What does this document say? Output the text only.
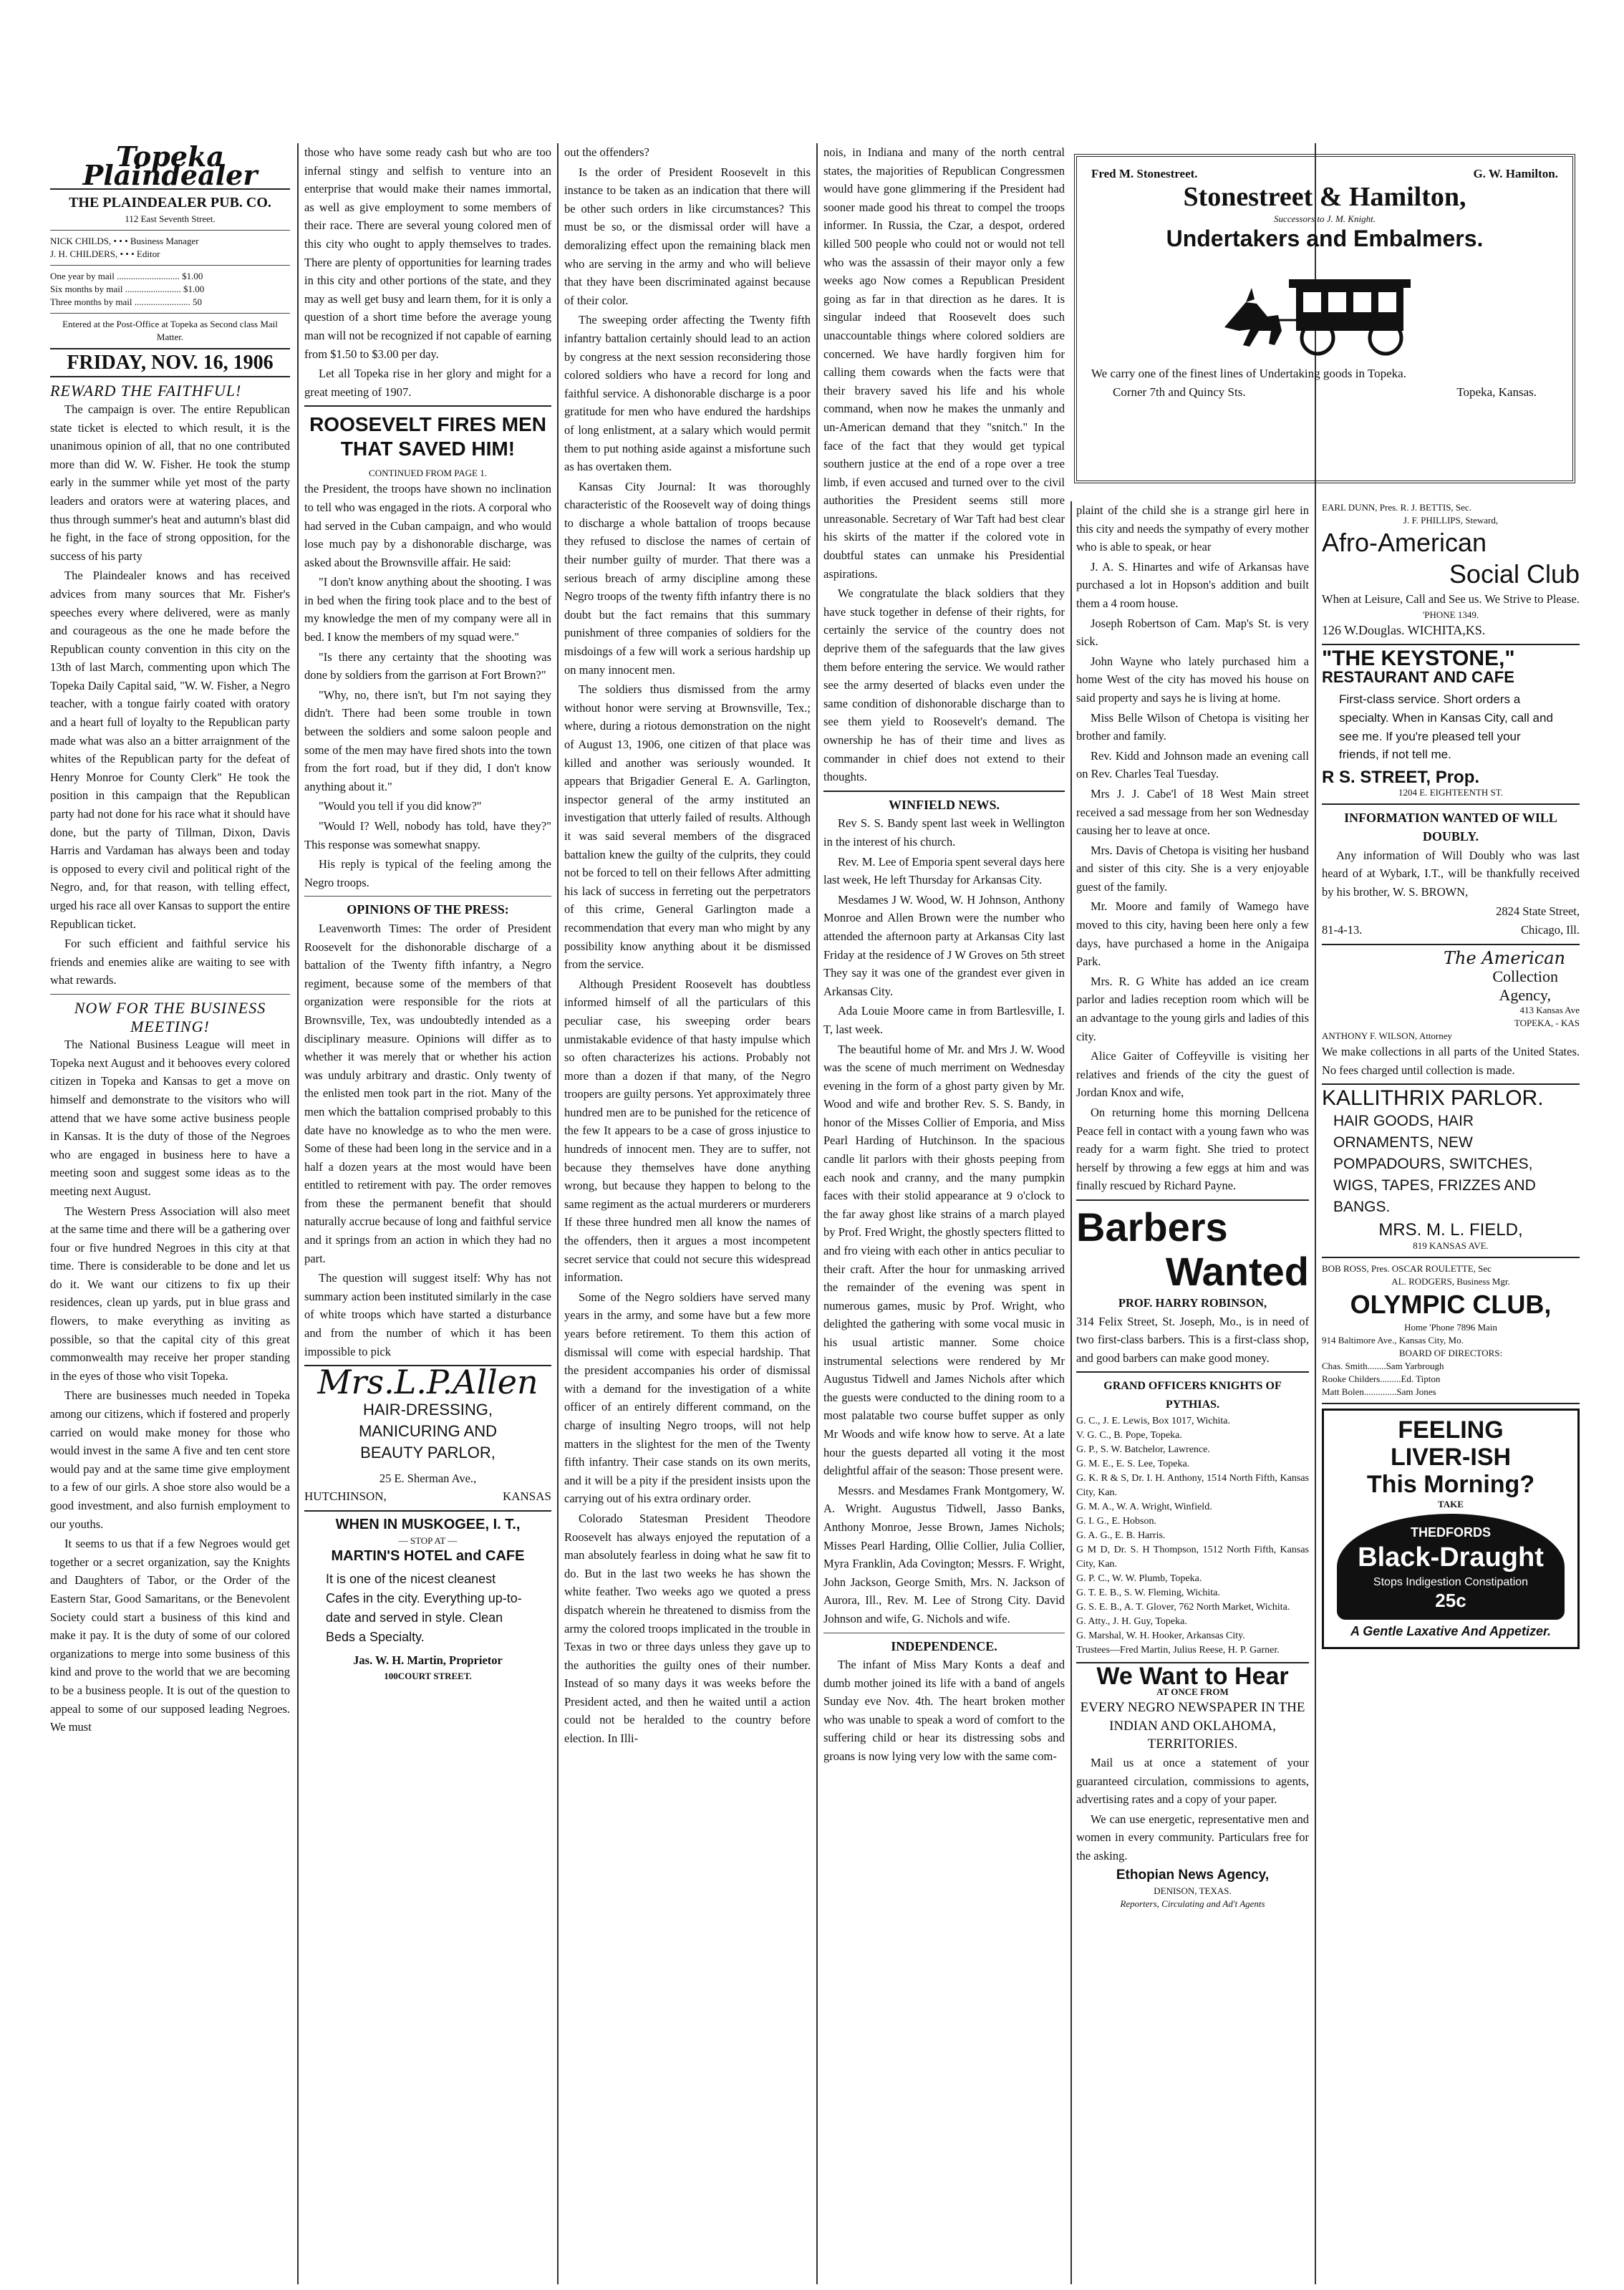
Topeka Plaindealer
THE PLAINDEALER PUB. CO.
112 East Seventh Street.
NICK CHILDS, • • • Business Manager
J. H. CHILDERS, • • • Editor
One year by mail ........................... $1.00
Six months by mail ........................ $1.00
Three months by mail ........................ 50
Entered at the Post-Office at Topeka as Second class Mail Matter.
FRIDAY, NOV. 16, 1906
REWARD THE FAITHFUL!

The campaign is over. The entire Republican state ticket is elected to which result, it is the unanimous opinion of all, that no one contributed more than did W. W. Fisher. He took the stump early in the summer while yet most of the party leaders and orators were at watering places, and thus through summer's heat and autumn's blast did he fight, in the face of strong opposition, for the success of his party

The Plaindealer knows and has received advices from many sources that Mr. Fisher's speeches every where delivered, were as manly and courageous as the one he made before the Republican county convention in this city on the 13th of last March, commenting upon which The Topeka Daily Capital said, "W. W. Fisher, a Negro teacher, with a tongue fairly coated with oratory and a heart full of loyalty to the Republican party made what was also an a bitter arraignment of the whites of the Republican party for the defeat of Henry Monroe for County Clerk" He took the position in this campaign that the Republican party had not done for his race what it should have done, but the party of Tillman, Dixon, Davis Harris and Vardaman has always been and today is opposed to every civil and political right of the Negro, and, for that reason, with telling effect, urged his race all over Kansas to support the entire Republican ticket.

For such efficient and faithful service his friends and enemies alike are waiting to see with what rewards.

NOW FOR THE BUSINESS MEETING!

The National Business League will meet in Topeka next August and it behooves every colored citizen in Topeka and Kansas to get a move on himself and demonstrate to the visitors who will attend that we have some active business people in Kansas. It is the duty of those of the Negroes who are engaged in business here to have a meeting soon and suggest some ideas as to the meeting next August.

The Western Press Association will also meet at the same time and there will be a gathering over four or five hundred Negroes in this city at that time. There is considerable to be done and let us do it. We want our citizens to fix up their residences, clean up yards, put in blue grass and flowers, to make everything as inviting as possible, so that the capital city of this great commonwealth may receive her proper standing in the eyes of those who visit Topeka.

There are businesses much needed in Topeka among our citizens, which if fostered and properly carried on would make money for those who would invest in the same A five and ten cent store would pay and at the same time give employment to a few of our girls. A shoe store also would be a good investment, and also furnish employment to our youths.

It seems to us that if a few Negroes would get together or a secret organization, say the Knights and Daughters of Tabor, or the Order of the Eastern Star, Good Samaritans, or the Benevolent Society could start a business of this kind and make it pay. It is the duty of some of our colored organizations to merge into some business of this kind and prove to the world that we are becoming to be a business people. It is out of the question to appeal to some of our supposed leading Negroes. We must

those who have some ready cash but who are too infernal stingy and selfish to venture into an enterprise that would make their names immortal, as well as give employment to some members of their race. There are several young colored men of this city who ought to apply themselves to trades. There are plenty of opportunities for learning trades in this city and other portions of the state, and they may as well get busy and learn them, for it is only a question of a short time before the average young man will not be recognized if not capable of earning from $1.50 to $3.00 per day.

Let all Topeka rise in her glory and might for a great meeting of 1907.

ROOSEVELT FIRES MEN THAT SAVED HIM!
CONTINUED FROM PAGE 1.

the President, the troops have shown no inclination to tell who was engaged in the riots. A corporal who had served in the Cuban campaign, and who would lose much pay by a dishonorable discharge, was asked about the Brownsville affair. He said:

"I don't know anything about the shooting. I was in bed when the firing took place and to the best of my knowledge the men of my company were all in bed. I know the members of my squad were."

"Is there any certainty that the shooting was done by soldiers from the garrison at Fort Brown?"

"Why, no, there isn't, but I'm not saying they didn't. There had been some trouble in town between the soldiers and some saloon people and some of the men may have fired shots into the town from the fort road, but if they did, I don't know anything about it."

"Would you tell if you did know?"

"Would I? Well, nobody has told, have they?" This response was somewhat snappy.

His reply is typical of the feeling among the Negro troops.

OPINIONS OF THE PRESS:

Leavenworth Times: The order of President Roosevelt for the dishonorable discharge of a battalion of the Twenty fifth infantry, a Negro regiment, because some of the members of that organization were responsible for the riots at Brownsville, Tex, was undoubtedly intended as a disciplinary measure. Opinions will differ as to whether it was merely that or whether his action was unduly arbitrary and drastic. Only twenty of the enlisted men took part in the riot. Many of the men which the battalion comprised probably to this date have no knowledge as to who the men were. Some of these had been long in the service and in a half a dozen years at the most would have been entitled to retirement with pay. The order removes from these the permanent benefit that should naturally accrue because of long and faithful service and it springs from an action in which they had no part.

The question will suggest itself: Why has not summary action been instituted similarly in the case of white troops which have started a disturbance and from the number of which it has been impossible to pick

Mrs.L.P.Allen
HAIR-DRESSING,
MANICURING AND
BEAUTY PARLOR,
25 E. Sherman Ave.,
HUTCHINSON,	KANSAS
WHEN IN MUSKOGEE, I. T.,
— STOP AT —
MARTIN'S HOTEL and CAFE
It is one of the nicest cleanest Cafes in the city. Everything up-to-date and served in style. Clean Beds a Specialty.
Jas. W. H. Martin, Proprietor
100COURT STREET.

out the offenders?

Is the order of President Roosevelt in this instance to be taken as an indication that there will be other such orders in like circumstances? This must be so, or the dismissal order will have a demoralizing effect upon the remaining black men who are serving in the army and who will believe that they have been discriminated against because of their color.

The sweeping order affecting the Twenty fifth infantry battalion certainly should lead to an action by congress at the next session reconsidering those colored soldiers who have a record for long and faithful service. A dishonorable discharge is a poor gratitude for men who have endured the hardships of long enlistment, at a salary which would permit them to put nothing aside against a misfortune such as has overtaken them.

Kansas City Journal: It was thoroughly characteristic of the Roosevelt way of doing things to discharge a whole battalion of troops because they refused to disclose the names of certain of their number guilty of murder. That there was a serious breach of army discipline among these Negro troops of the twenty fifth infantry there is no doubt but the fact remains that this summary punishment of three companies of soldiers for the misdoings of a few will work a serious hardship up on many innocent men.

The soldiers thus dismissed from the army without honor were serving at Brownsville, Tex.; where, during a riotous demonstration on the night of August 13, 1906, one citizen of that place was killed and another was seriously wounded. It appears that Brigadier General E. A. Garlington, inspector general of the army instituted an investigation that utterly failed of results. Although it was said several members of the disgraced battalion knew the guilty of the culprits, they could not be forced to tell on their fellows After admitting his lack of success in ferreting out the perpetrators of this crime, General Garlington made a recommendation that every man who might by any possibility know anything about it be dismissed from the service.

Although President Roosevelt has doubtless informed himself of all the particulars of this peculiar case, his sweeping order bears unmistakable evidence of that hasty impulse which so often characterizes his actions. Probably not more than a dozen if that many, of the Negro troopers are guilty persons. Yet approximately three hundred men are to be punished for the reticence of the few It appears to be a case of gross injustice to hundreds of innocent men. They are to suffer, not because they themselves have done anything wrong, but because they happen to belong to the same regiment as the actual murderers or murderers If these three hundred men all know the names of the offenders, then it argues a most incompetent secret service that could not secure this widespread information.

Some of the Negro soldiers have served many years in the army, and some have but a few more years before retirement. To them this action of dismissal will come with especial hardship. That the president accompanies his order of dismissal with a demand for the investigation of a white officer of an entirely different command, on the charge of insulting Negro troops, will not help matters in the slightest for the men of the Twenty fifth infantry. Their case stands on its own merits, and it will be a pity if the president insists upon the carrying out of his extra ordinary order.

Colorado Statesman President Theodore Roosevelt has always enjoyed the reputation of a man absolutely fearless in doing what he saw fit to do. But in the last two weeks he has shown the white feather. Two weeks ago we quoted a press dispatch wherein he threatened to dismiss from the army the colored troops implicated in the trouble in Texas in two or three days unless they gave up to the authorities the guilty ones of their number. Instead of so many days it was weeks before the President acted, and then he waited until a action could not be heralded to the country before election. In Illi-

nois, in Indiana and many of the north central states, the majorities of Republican Congressmen would have gone glimmering if the President had sooner made good his threat to compel the troops informer. In Russia, the Czar, a despot, ordered killed 500 people who could not or would not tell who was the assassin of their mayor only a few weeks ago Now comes a Republican President going as far in that direction as he dares. It is singular indeed that Roosevelt does such unaccountable things where colored soldiers are concerned. We have hardly forgiven him for calling them cowards when the facts were that their bravery saved his life and his whole command, when now he makes the unmanly and un-American demand that they "snitch." In the face of the fact that they would get typical southern justice at the end of a rope over a tree limb, if even accused and turned over to the civil authorities the President seems still more unreasonable. Secretary of War Taft had best clear his skirts of the matter if the colored vote in doubtful states can unmake his Presidential aspirations.

We congratulate the black soldiers that they have stuck together in defense of their rights, for certainly the service of the country does not deprive them of the safeguards that the law gives them before entering the service. We would rather see the army deserted of blacks even under the same condition of dishonorable discharge than to see them yield to Roosevelt's demand. The ownership he has of their time and lives as commander in chief does not extend to their thoughts.

WINFIELD NEWS.

Rev S. S. Bandy spent last week in Wellington in the interest of his church.

Rev. M. Lee of Emporia spent several days here last week, He left Thursday for Arkansas City.

Mesdames J W. Wood, W. H Johnson, Anthony Monroe and Allen Brown were the number who attended the afternoon party at Arkansas City last Friday at the residence of J W Groves on 5th street They say it was one of the grandest ever given in Arkansas City.

Ada Louie Moore came in from Bartlesville, I. T, last week.

The beautiful home of Mr. and Mrs J. W. Wood was the scene of much merriment on Wednesday evening in the form of a ghost party given by Mr. Wood and wife and brother Rev. S. S. Bandy, in honor of the Misses Collier of Emporia, and Miss Pearl Harding of Hutchinson. In the spacious candle lit parlors with their ghosts peeping from each nook and cranny, and the many pumpkin faces with their stolid appearance at 9 o'clock to the far away ghost like strains of a march played by Prof. Fred Wright, the ghostly specters flitted to and fro vieing with each other in antics peculiar to their craft. After the hour for unmasking arrived the remainder of the evening was spent in numerous games, music by Prof. Wright, who delighted the gathering with some vocal music in his usual artistic manner. Some choice instrumental selections were rendered by Mr Augustus Tidwell and James Nichols after which the guests were conducted to the dining room to a most palatable two course buffet supper as only Mr Woods and wife know how to serve. At a late hour the guests departed all voting it the most delightful affair of the season: Those present were.

Messrs. and Mesdames Frank Montgomery, W. A. Wright. Augustus Tidwell, Jasso Banks, Anthony Monroe, Jesse Brown, James Nichols; Misses Pearl Harding, Ollie Collier, Julia Collier, Myra Franklin, Ada Covington; Messrs. F. Wright, John Jackson, George Smith, Mrs. N. Jackson of Aurora, Ill., Rev. M. Lee of Strong City. David Johnson and wife, G. Nichols and wife.

INDEPENDENCE.

The infant of Miss Mary Konts a deaf and dumb mother joined its life with a band of angels Sunday eve Nov. 4th. The heart broken mother who was unable to speak a word of comfort to the suffering child or hear its distressing sobs and groans is now lying very low with the same com-

Fred M. Stonestreet.	G. W. Hamilton.
Stonestreet & Hamilton,
Successors to J. M. Knight.
Undertakers and Embalmers.
We carry one of the finest lines of Undertaking goods in Topeka.
Corner 7th and Quincy Sts.	Topeka, Kansas.

plaint of the child she is a strange girl here in this city and needs the sympathy of every mother who is able to speak, or hear

J. A. S. Hinartes and wife of Arkansas have purchased a lot in Hopson's addition and built them a 4 room house.

Joseph Robertson of Cam. Map's St. is very sick.

John Wayne who lately purchased him a home West of the city has moved his house on said property and says he is living at home.

Miss Belle Wilson of Chetopa is visiting her brother and family.

Rev. Kidd and Johnson made an evening call on Rev. Charles Teal Tuesday.

Mrs J. J. Cabe'l of 18 West Main street received a sad message from her son Wednesday causing her to leave at once.

Mrs. Davis of Chetopa is visiting her husband and sister of this city. She is a very enjoyable guest of the family.

Mr. Moore and family of Wamego have moved to this city, having been here only a few days, have purchased a home in the Anigaipa Park.

Mrs. R. G White has added an ice cream parlor and ladies reception room which will be an advantage to the young girls and ladies of this city.

Alice Gaiter of Coffeyville is visiting her relatives and friends of the city the guest of Jordan Knox and wife,

On returning home this morning Dellcena Peace fell in contact with a young fawn who was ready for a warm fight. She tried to protect herself by throwing a few eggs at him and was finally rescued by Richard Payne.

Barbers
Wanted
PROF. HARRY ROBINSON,
314 Felix Street, St. Joseph, Mo., is in need of two first-class barbers. This is a first-class shop, and good barbers can make good money.
GRAND OFFICERS KNIGHTS OF PYTHIAS.
G. C., J. E. Lewis, Box 1017, Wichita.
V. G. C., B. Pope, Topeka.
G. P., S. W. Batchelor, Lawrence.
G. M. E., E. S. Lee, Topeka.
G. K. R & S, Dr. I. H. Anthony, 1514 North Fifth, Kansas City, Kan.
G. M. A., W. A. Wright, Winfield.
G. I. G., E. Hobson.
G. A. G., E. B. Harris.
G M D, Dr. S. H Thompson, 1512 North Fifth, Kansas City, Kan.
G. P. C., W. W. Plumb, Topeka.
G. T. E. B., S. W. Fleming, Wichita.
G. S. E. B., A. T. Glover, 762 North Market, Wichita.
G. Atty., J. H. Guy, Topeka.
G. Marshal, W. H. Hooker, Arkansas City.
Trustees—Fred Martin, Julius Reese, H. P. Garner.
We Want to Hear
AT ONCE FROM
EVERY NEGRO NEWSPAPER IN THE INDIAN AND OKLAHOMA, TERRITORIES.

Mail us at once a statement of your guaranteed circulation, commissions to agents, advertising rates and a copy of your paper.

We can use energetic, representative men and women in every community. Particulars free for the asking.

Ethopian News Agency,
DENISON, TEXAS.
Reporters, Circulating and Ad't Agents
EARL DUNN, Pres. R. J. BETTIS, Sec.
J. F. PHILLIPS, Steward,
Afro-American
Social Club
When at Leisure, Call and See us. We Strive to Please.
'PHONE 1349.
126 W.Douglas. WICHITA,KS.
"THE KEYSTONE,"
RESTAURANT AND CAFE
First-class service. Short orders a specialty. When in Kansas City, call and see me. If you're pleased tell your friends, if not tell me.
R S. STREET, Prop.
1204 E. EIGHTEENTH ST.
INFORMATION WANTED OF WILL DOUBLY.

Any information of Will Doubly who was last heard of at Wybark, I.T., will be thankfully received by his brother, W. S. BROWN,

2824 State Street,
81-4-13.	Chicago, Ill.
The American
Collection
Agency,
413 Kansas Ave
TOPEKA, - KAS
ANTHONY F. WILSON, Attorney
We make collections in all parts of the United States. No fees charged until collection is made.
KALLITHRIX PARLOR.
HAIR GOODS, HAIR ORNAMENTS, NEW POMPADOURS, SWITCHES, WIGS, TAPES, FRIZZES AND BANGS.
MRS. M. L. FIELD,
819 KANSAS AVE.
BOB ROSS, Pres. OSCAR ROULETTE, Sec
AL. RODGERS, Business Mgr.
OLYMPIC CLUB,
Home 'Phone 7896 Main
914 Baltimore Ave., Kansas City, Mo.
BOARD OF DIRECTORS:
Chas. Smith........Sam Yarbrough
Rooke Childers.........Ed. Tipton
Matt Bolen..............Sam Jones
FEELING
LIVER-ISH
This Morning?
TAKE
THEDFORDS
Black-Draught
Stops Indigestion Constipation
25c
A Gentle Laxative And Appetizer.
